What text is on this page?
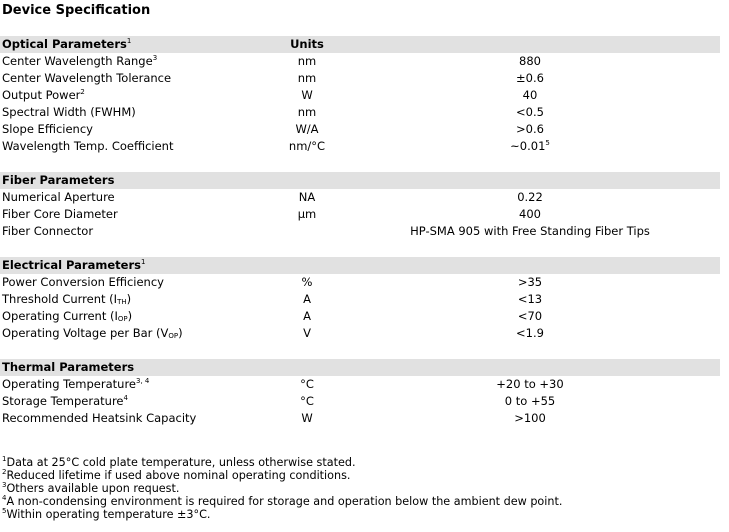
Device Specification
Optical Parameters$^1$	Units
Center Wavelength Range$^3$	nm	880
Center Wavelength Tolerance	nm	±0.6
Output Power$^2$	W	40
Spectral Width (FWHM)	nm	<0.5
Slope Efficiency	W/A	>0.6
Wavelength Temp. Coefficient	nm/°C	~0.01$^5$
Fiber Parameters
Numerical Aperture	NA	0.22
Fiber Core Diameter	µm	400
Fiber Connector	HP-SMA 905 with Free Standing Fiber Tips
Electrical Parameters$^1$
Power Conversion Efficiency	%	>35
Threshold Current $(I_{TH})$	A	<13
Operating Current $(I_{OP})$	A	<70
Operating Voltage per Bar $(V_{OP})$	V	<1.9
Thermal Parameters
Operating Temperature$^{3, 4}$	°C	+20 to +30
Storage Temperature$^4$	°C	0 to +55
Recommended Heatsink Capacity	W	>100
$^1$Data at 25°C cold plate temperature, unless otherwise stated.
$^2$Reduced lifetime if used above nominal operating conditions.
$^3$Others available upon request.
$^4$A non-condensing environment is required for storage and operation below the ambient dew point.
$^5$Within operating temperature ±3°C.
